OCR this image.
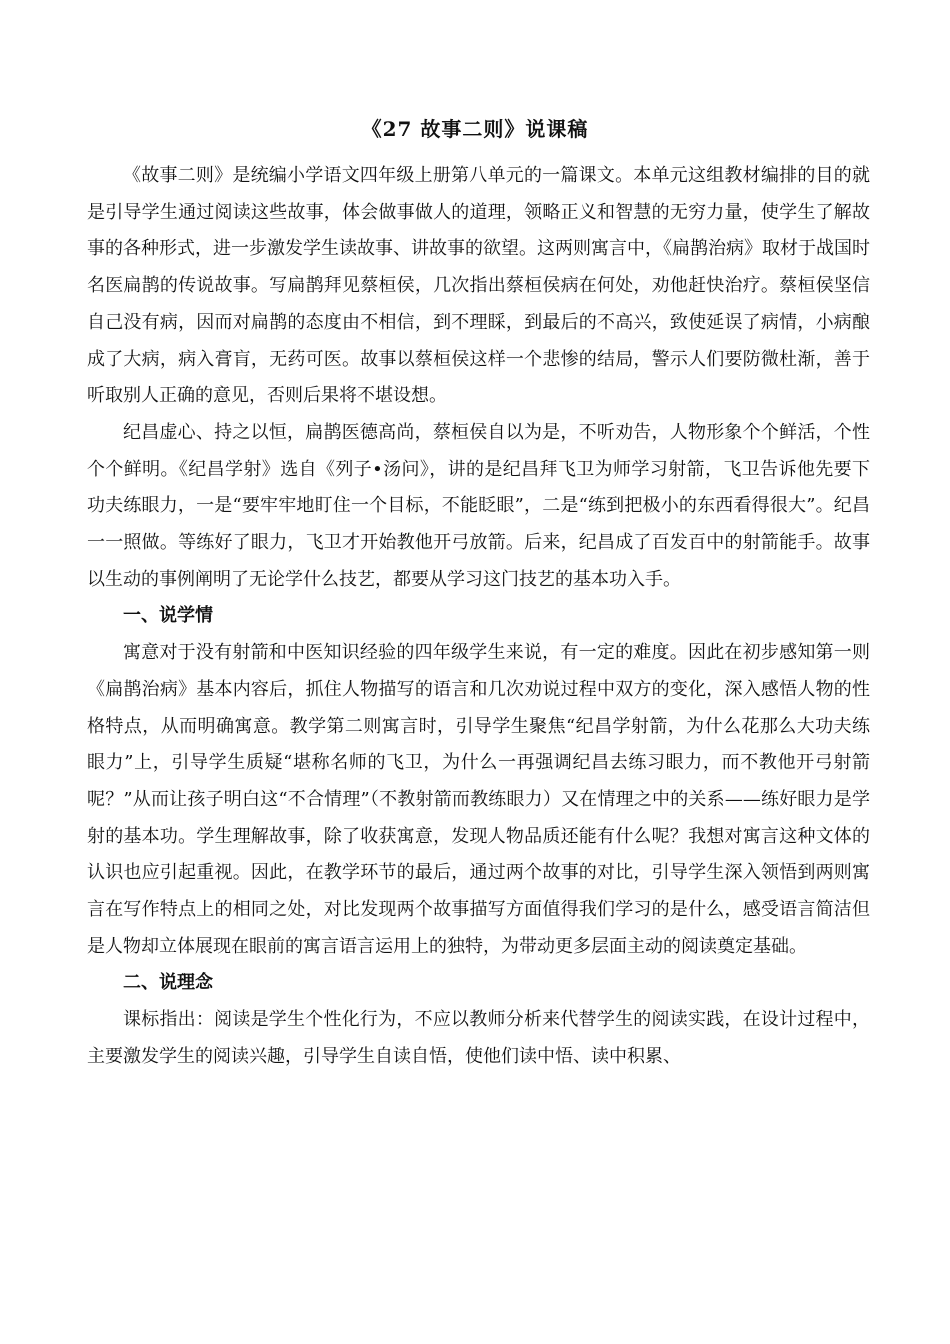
《27 故事二则》说课稿

《故事二则》是统编小学语文四年级上册第八单元的一篇课文。本单元这组教材编排的目的就是引导学生通过阅读这些故事，体会做事做人的道理，领略正义和智慧的无穷力量，使学生了解故事的各种形式，进一步激发学生读故事、讲故事的欲望。这两则寓言中，《扁鹊治病》取材于战国时名医扁鹊的传说故事。写扁鹊拜见蔡桓侯，几次指出蔡桓侯病在何处，劝他赶快治疗。蔡桓侯坚信自己没有病，因而对扁鹊的态度由不相信，到不理睬，到最后的不高兴，致使延误了病情，小病酿成了大病，病入膏肓，无药可医。故事以蔡桓侯这样一个悲惨的结局，警示人们要防微杜渐，善于听取别人正确的意见，否则后果将不堪设想。

纪昌虚心、持之以恒，扁鹊医德高尚，蔡桓侯自以为是，不听劝告，人物形象个个鲜活，个性个个鲜明。《纪昌学射》选自《列子•汤问》，讲的是纪昌拜飞卫为师学习射箭，飞卫告诉他先要下功夫练眼力，一是“要牢牢地盯住一个目标，不能眨眼”，二是“练到把极小的东西看得很大”。纪昌一一照做。等练好了眼力，飞卫才开始教他开弓放箭。后来，纪昌成了百发百中的射箭能手。故事以生动的事例阐明了无论学什么技艺，都要从学习这门技艺的基本功入手。

一、说学情

寓意对于没有射箭和中医知识经验的四年级学生来说，有一定的难度。因此在初步感知第一则《扁鹊治病》基本内容后，抓住人物描写的语言和几次劝说过程中双方的变化，深入感悟人物的性格特点，从而明确寓意。教学第二则寓言时，引导学生聚焦“纪昌学射箭，为什么花那么大功夫练眼力”上，引导学生质疑“堪称名师的飞卫，为什么一再强调纪昌去练习眼力，而不教他开弓射箭呢？”从而让孩子明白这“不合情理”（不教射箭而教练眼力）又在情理之中的关系——练好眼力是学射的基本功。学生理解故事，除了收获寓意，发现人物品质还能有什么呢？我想对寓言这种文体的认识也应引起重视。因此，在教学环节的最后，通过两个故事的对比，引导学生深入领悟到两则寓言在写作特点上的相同之处，对比发现两个故事描写方面值得我们学习的是什么，感受语言简洁但是人物却立体展现在眼前的寓言语言运用上的独特，为带动更多层面主动的阅读奠定基础。

二、说理念

课标指出：阅读是学生个性化行为，不应以教师分析来代替学生的阅读实践，在设计过程中，主要激发学生的阅读兴趣，引导学生自读自悟，使他们读中悟、读中积累、
